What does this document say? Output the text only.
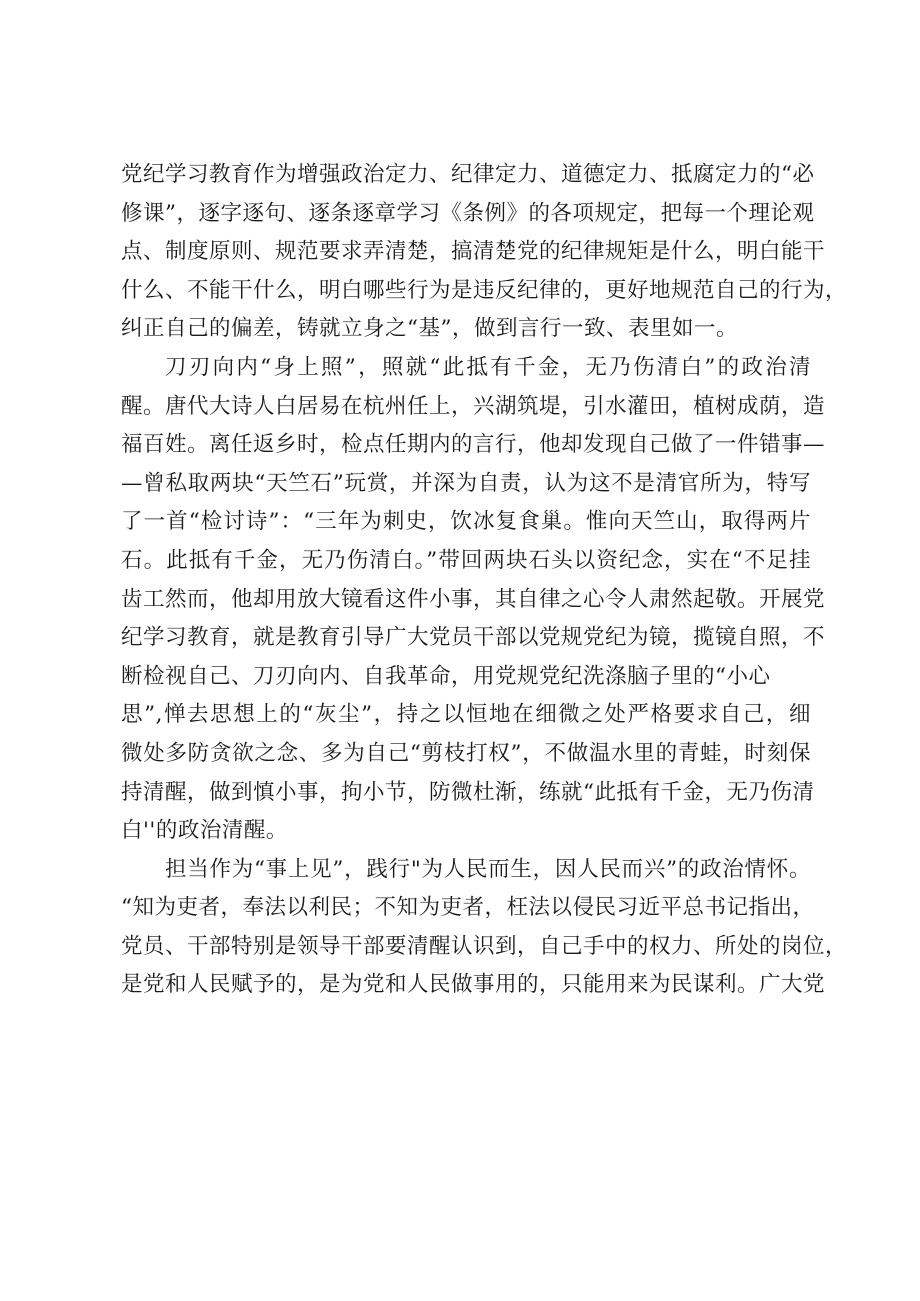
党纪学习教育作为增强政治定力、纪律定力、道德定力、抵腐定力的“必
修课”，逐字逐句、逐条逐章学习《条例》的各项规定，把每一个理论观
点、制度原则、规范要求弄清楚，搞清楚党的纪律规矩是什么，明白能干
什么、不能干什么，明白哪些行为是违反纪律的，更好地规范自己的行为，
纠正自己的偏差，铸就立身之“基”，做到言行一致、表里如一。
刀刃向内“身上照”，照就“此抵有千金，无乃伤清白”的政治清
醒。唐代大诗人白居易在杭州任上，兴湖筑堤，引水灌田，植树成荫，造
福百姓。离任返乡时，检点任期内的言行，他却发现自己做了一件错事—
—曾私取两块“天竺石”玩赏，并深为自责，认为这不是清官所为，特写
了一首“检讨诗”：“三年为刺史，饮冰复食巢。惟向天竺山，取得两片
石。此抵有千金，无乃伤清白。”带回两块石头以资纪念，实在“不足挂
齿工然而，他却用放大镜看这件小事，其自律之心令人肃然起敬。开展党
纪学习教育，就是教育引导广大党员干部以党规党纪为镜，揽镜自照，不
断检视自己、刀刃向内、自我革命，用党规党纪洗涤脑子里的“小心
思”,惮去思想上的“灰尘”，持之以恒地在细微之处严格要求自己，细
微处多防贪欲之念、多为自己“剪枝打权”，不做温水里的青蛙，时刻保
持清醒，做到慎小事，拘小节，防微杜渐，练就“此抵有千金，无乃伤清
白''的政治清醒。
担当作为“事上见”，践行"为人民而生，因人民而兴”的政治情怀。
“知为吏者，奉法以利民；不知为吏者，枉法以侵民习近平总书记指出，
党员、干部特别是领导干部要清醒认识到，自己手中的权力、所处的岗位，
是党和人民赋予的，是为党和人民做事用的，只能用来为民谋利。广大党
